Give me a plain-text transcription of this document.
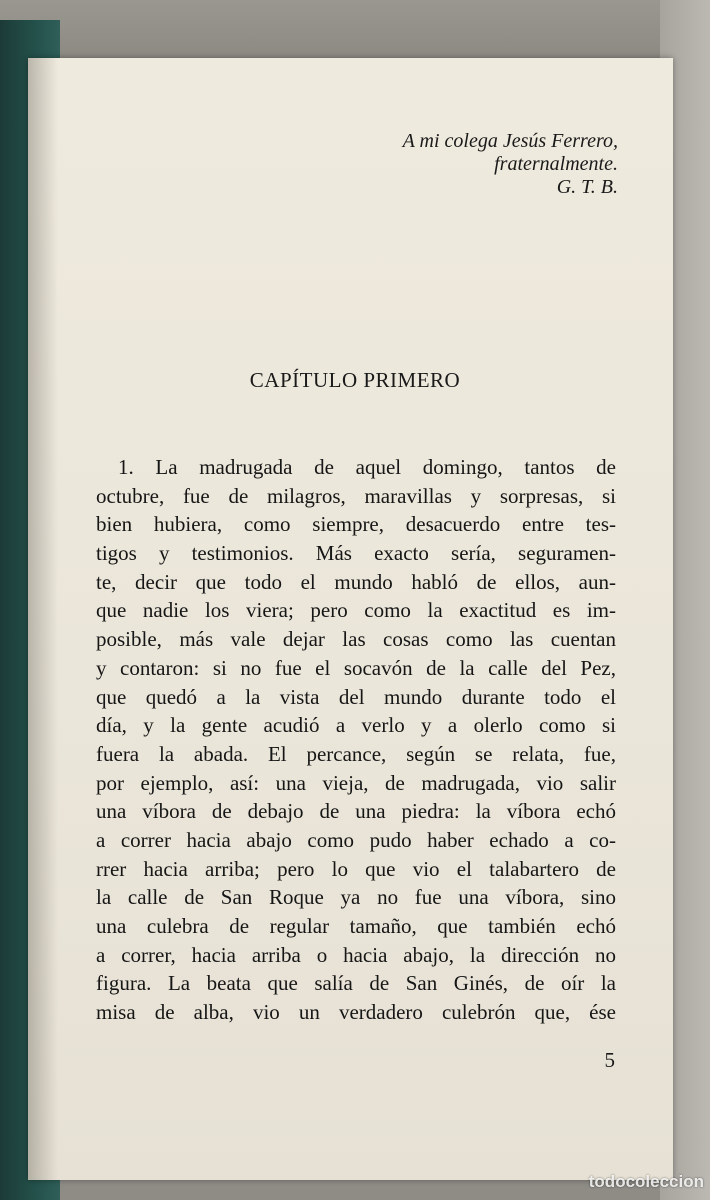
A mi colega Jesús Ferrero,
fraternalmente.
G. T. B.
CAPÍTULO PRIMERO
1. La madrugada de aquel domingo, tantos de
octubre, fue de milagros, maravillas y sorpresas, si
bien hubiera, como siempre, desacuerdo entre tes-
tigos y testimonios. Más exacto sería, seguramen-
te, decir que todo el mundo habló de ellos, aun-
que nadie los viera; pero como la exactitud es im-
posible, más vale dejar las cosas como las cuentan
y contaron: si no fue el socavón de la calle del Pez,
que quedó a la vista del mundo durante todo el
día, y la gente acudió a verlo y a olerlo como si
fuera la abada. El percance, según se relata, fue,
por ejemplo, así: una vieja, de madrugada, vio salir
una víbora de debajo de una piedra: la víbora echó
a correr hacia abajo como pudo haber echado a co-
rrer hacia arriba; pero lo que vio el talabartero de
la calle de San Roque ya no fue una víbora, sino
una culebra de regular tamaño, que también echó
a correr, hacia arriba o hacia abajo, la dirección no
figura. La beata que salía de San Ginés, de oír la
misa de alba, vio un verdadero culebrón que, ése
5
todocoleccion
